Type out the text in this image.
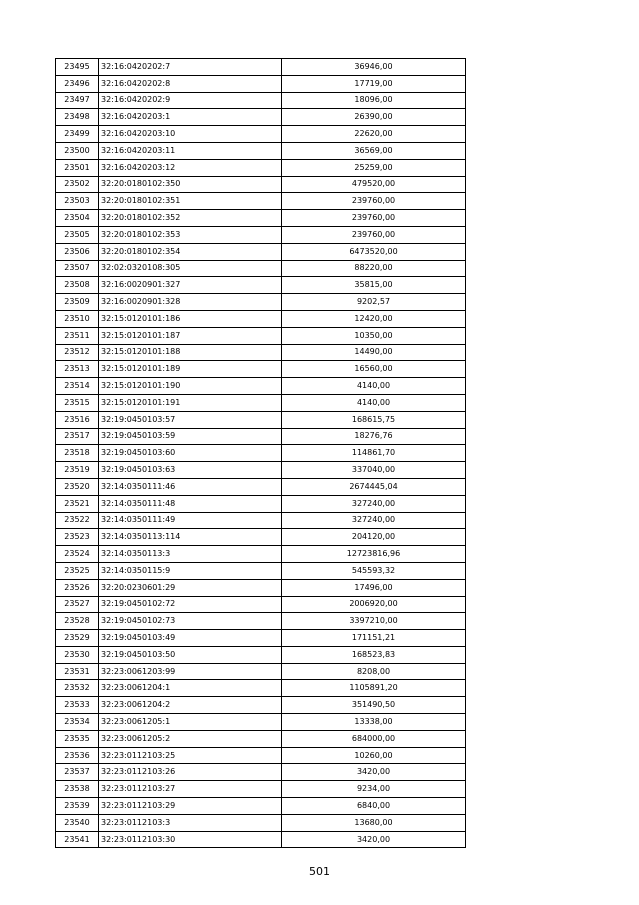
23495	32:16:0420202:7	36946,00
23496	32:16:0420202:8	17719,00
23497	32:16:0420202:9	18096,00
23498	32:16:0420203:1	26390,00
23499	32:16:0420203:10	22620,00
23500	32:16:0420203:11	36569,00
23501	32:16:0420203:12	25259,00
23502	32:20:0180102:350	479520,00
23503	32:20:0180102:351	239760,00
23504	32:20:0180102:352	239760,00
23505	32:20:0180102:353	239760,00
23506	32:20:0180102:354	6473520,00
23507	32:02:0320108:305	88220,00
23508	32:16:0020901:327	35815,00
23509	32:16:0020901:328	9202,57
23510	32:15:0120101:186	12420,00
23511	32:15:0120101:187	10350,00
23512	32:15:0120101:188	14490,00
23513	32:15:0120101:189	16560,00
23514	32:15:0120101:190	4140,00
23515	32:15:0120101:191	4140,00
23516	32:19:0450103:57	168615,75
23517	32:19:0450103:59	18276,76
23518	32:19:0450103:60	114861,70
23519	32:19:0450103:63	337040,00
23520	32:14:0350111:46	2674445,04
23521	32:14:0350111:48	327240,00
23522	32:14:0350111:49	327240,00
23523	32:14:0350113:114	204120,00
23524	32:14:0350113:3	12723816,96
23525	32:14:0350115:9	545593,32
23526	32:20:0230601:29	17496,00
23527	32:19:0450102:72	2006920,00
23528	32:19:0450102:73	3397210,00
23529	32:19:0450103:49	171151,21
23530	32:19:0450103:50	168523,83
23531	32:23:0061203:99	8208,00
23532	32:23:0061204:1	1105891,20
23533	32:23:0061204:2	351490,50
23534	32:23:0061205:1	13338,00
23535	32:23:0061205:2	684000,00
23536	32:23:0112103:25	10260,00
23537	32:23:0112103:26	3420,00
23538	32:23:0112103:27	9234,00
23539	32:23:0112103:29	6840,00
23540	32:23:0112103:3	13680,00
23541	32:23:0112103:30	3420,00
501
